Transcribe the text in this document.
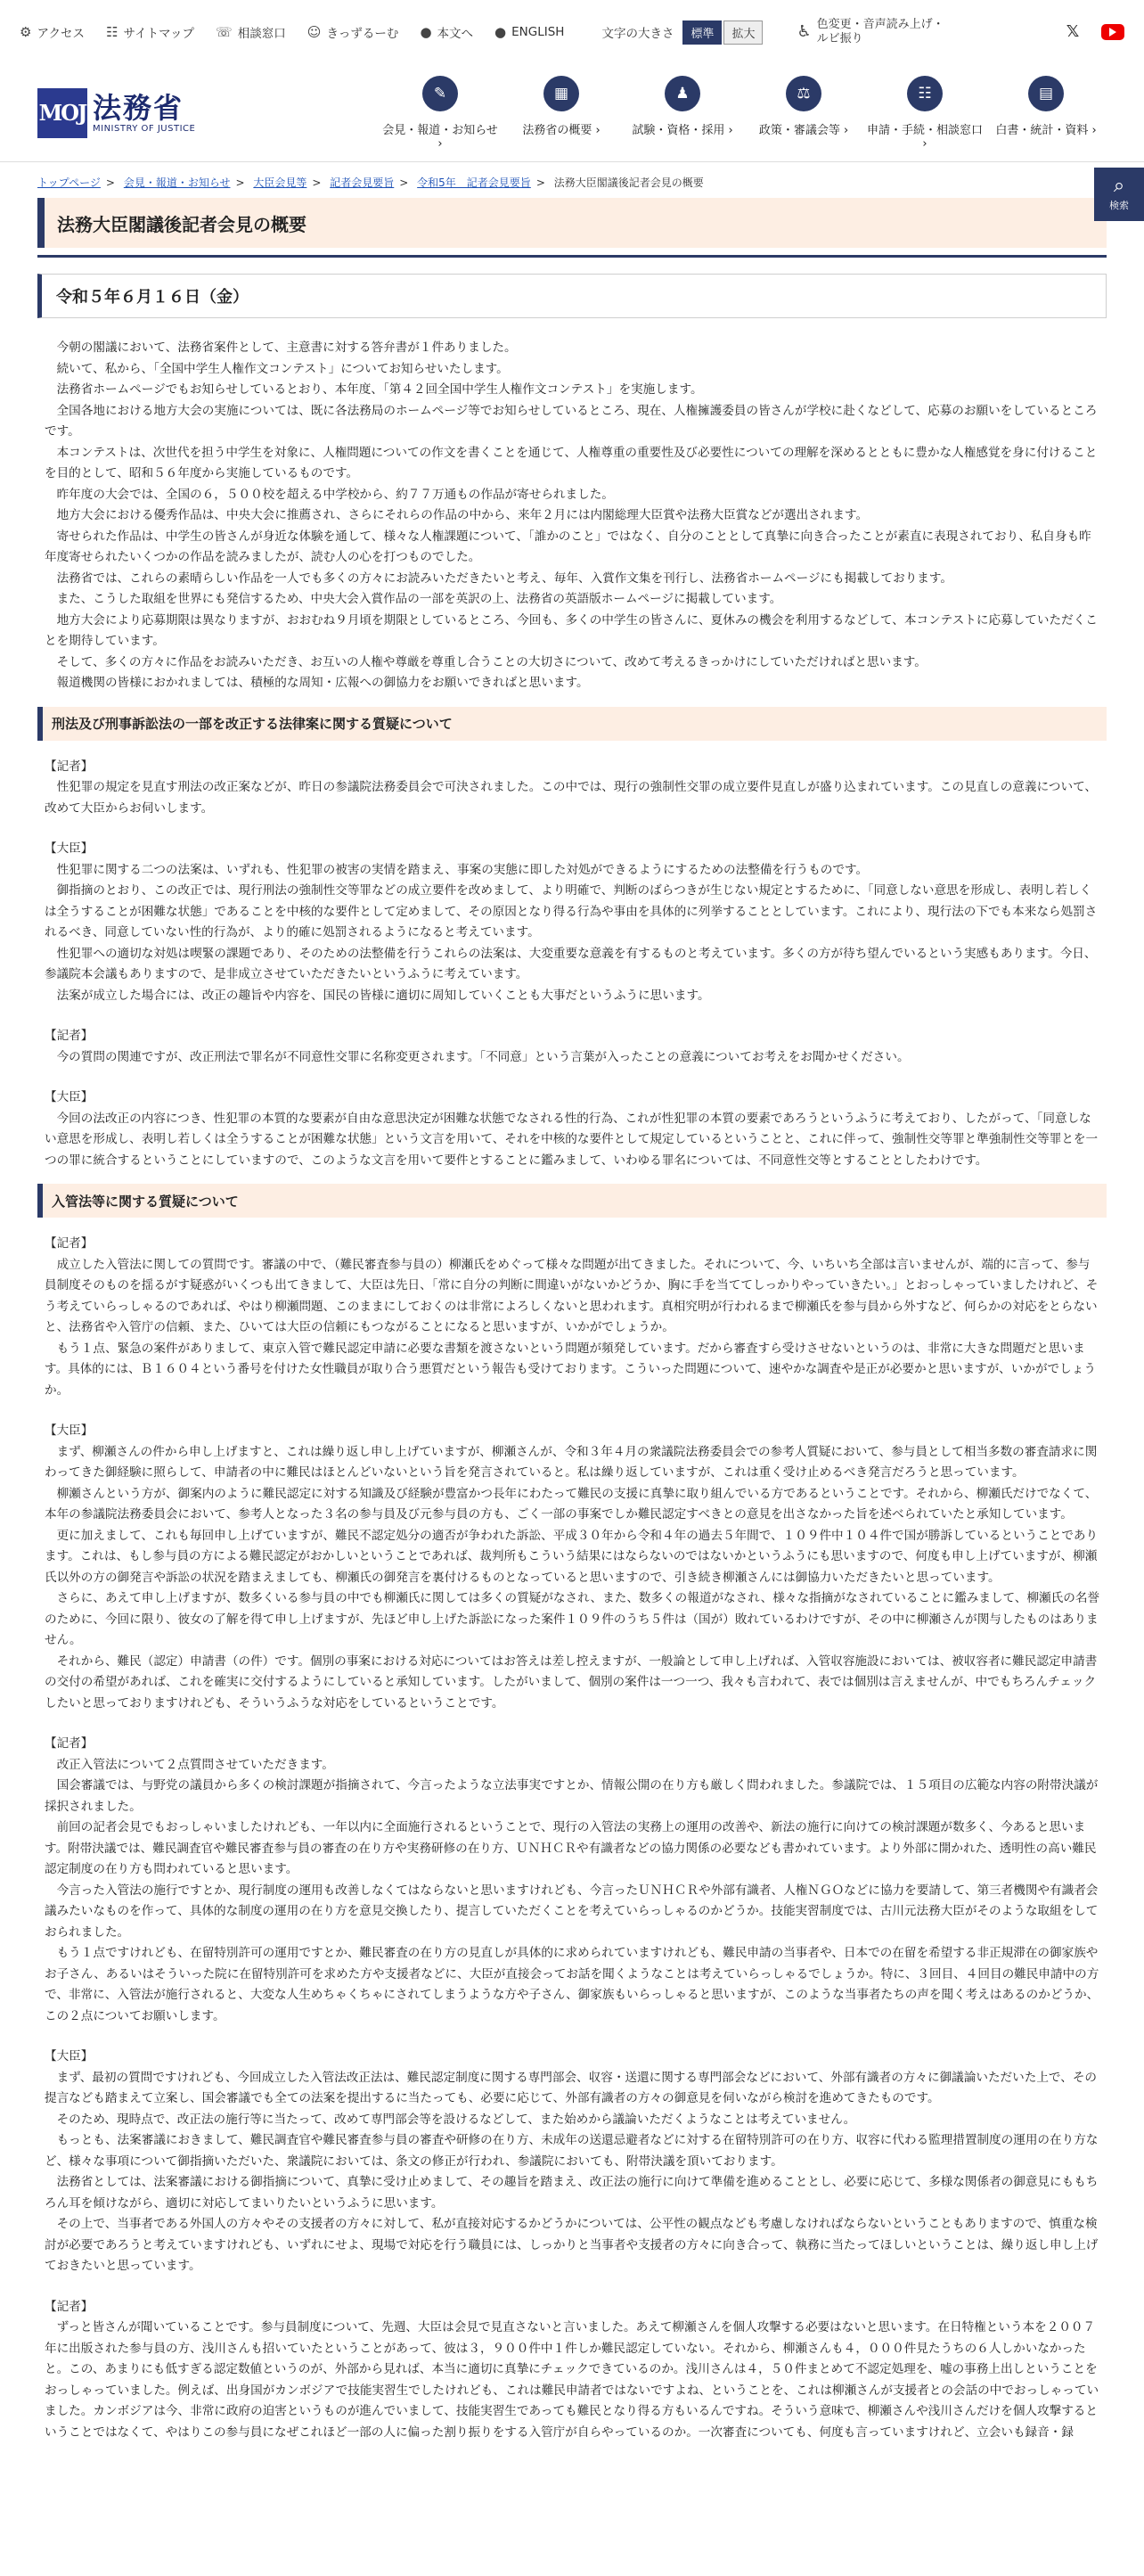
⚙ アクセス ☷ サイトマップ ☏ 相談窓口 ☺ きっずるーむ ● 本文へ ● ENGLISH	文字の大きさ	標準	拡大	♿ 色変更・音声読み上げ・
ルビ振り	𝕏
MOJ 法務省
MINISTRY OF JUSTICE
✎
会見・報道・お知らせ ›
▦
法務省の概要 ›
♟
試験・資格・採用 ›
⚖
政策・審議会等 ›
☷
申請・手続・相談窓口 ›
▤
白書・統計・資料 ›
⌕
検索
トップページ > 会見・報道・お知らせ > 大臣会見等 > 記者会見要旨 > 令和5年　記者会見要旨 > 法務大臣閣議後記者会見の概要
法務大臣閣議後記者会見の概要
令和５年６月１６日（金）

今朝の閣議において、法務省案件として、主意書に対する答弁書が１件ありました。

続いて、私から、「全国中学生人権作文コンテスト」についてお知らせいたします。

法務省ホームページでもお知らせしているとおり、本年度、「第４２回全国中学生人権作文コンテスト」を実施します。

全国各地における地方大会の実施については、既に各法務局のホームページ等でお知らせしているところ、現在、人権擁護委員の皆さんが学校に赴くなどして、応募のお願いをしているところです。

本コンテストは、次世代を担う中学生を対象に、人権問題についての作文を書くことを通じて、人権尊重の重要性及び必要性についての理解を深めるとともに豊かな人権感覚を身に付けることを目的として、昭和５６年度から実施しているものです。

昨年度の大会では、全国の６，５００校を超える中学校から、約７７万通もの作品が寄せられました。

地方大会における優秀作品は、中央大会に推薦され、さらにそれらの作品の中から、来年２月には内閣総理大臣賞や法務大臣賞などが選出されます。

寄せられた作品は、中学生の皆さんが身近な体験を通して、様々な人権課題について、「誰かのこと」ではなく、自分のこととして真摯に向き合ったことが素直に表現されており、私自身も昨年度寄せられたいくつかの作品を読みましたが、読む人の心を打つものでした。

法務省では、これらの素晴らしい作品を一人でも多くの方々にお読みいただきたいと考え、毎年、入賞作文集を刊行し、法務省ホームページにも掲載しております。

また、こうした取組を世界にも発信するため、中央大会入賞作品の一部を英訳の上、法務省の英語版ホームページに掲載しています。

地方大会により応募期限は異なりますが、おおむね９月頃を期限としているところ、今回も、多くの中学生の皆さんに、夏休みの機会を利用するなどして、本コンテストに応募していただくことを期待しています。

そして、多くの方々に作品をお読みいただき、お互いの人権や尊厳を尊重し合うことの大切さについて、改めて考えるきっかけにしていただければと思います。

報道機関の皆様におかれましては、積極的な周知・広報への御協力をお願いできればと思います。

刑法及び刑事訴訟法の一部を改正する法律案に関する質疑について
【記者】

性犯罪の規定を見直す刑法の改正案などが、昨日の参議院法務委員会で可決されました。この中では、現行の強制性交罪の成立要件見直しが盛り込まれています。この見直しの意義について、改めて大臣からお伺いします。

【大臣】

性犯罪に関する二つの法案は、いずれも、性犯罪の被害の実情を踏まえ、事案の実態に即した対処ができるようにするための法整備を行うものです。

御指摘のとおり、この改正では、現行刑法の強制性交等罪などの成立要件を改めまして、より明確で、判断のばらつきが生じない規定とするために、「同意しない意思を形成し、表明し若しくは全うすることが困難な状態」であることを中核的な要件として定めまして、その原因となり得る行為や事由を具体的に列挙することとしています。これにより、現行法の下でも本来なら処罰されるべき、同意していない性的行為が、より的確に処罰されるようになると考えています。

性犯罪への適切な対処は喫緊の課題であり、そのための法整備を行うこれらの法案は、大変重要な意義を有するものと考えています。多くの方が待ち望んでいるという実感もあります。今日、参議院本会議もありますので、是非成立させていただきたいというふうに考えています。

法案が成立した場合には、改正の趣旨や内容を、国民の皆様に適切に周知していくことも大事だというふうに思います。

【記者】

今の質問の関連ですが、改正刑法で罪名が不同意性交罪に名称変更されます。「不同意」という言葉が入ったことの意義についてお考えをお聞かせください。

【大臣】

今回の法改正の内容につき、性犯罪の本質的な要素が自由な意思決定が困難な状態でなされる性的行為、これが性犯罪の本質の要素であろうというふうに考えており、したがって、「同意しない意思を形成し、表明し若しくは全うすることが困難な状態」という文言を用いて、それを中核的な要件として規定しているということと、これに伴って、強制性交等罪と準強制性交等罪とを一つの罪に統合するということにしていますので、このような文言を用いて要件とすることに鑑みまして、いわゆる罪名については、不同意性交等とすることとしたわけです。

入管法等に関する質疑について
【記者】

成立した入管法に関しての質問です。審議の中で、（難民審査参与員の）柳瀬氏をめぐって様々な問題が出てきました。それについて、今、いちいち全部は言いませんが、端的に言って、参与員制度そのものを揺るがす疑惑がいくつも出てきまして、大臣は先日、「常に自分の判断に間違いがないかどうか、胸に手を当ててしっかりやっていきたい。」とおっしゃっていましたけれど、そう考えていらっしゃるのであれば、やはり柳瀬問題、このままにしておくのは非常によろしくないと思われます。真相究明が行われるまで柳瀬氏を参与員から外すなど、何らかの対応をとらないと、法務省や入管庁の信頼、また、ひいては大臣の信頼にもつながることになると思いますが、いかがでしょうか。

もう１点、緊急の案件がありまして、東京入管で難民認定申請に必要な書類を渡さないという問題が頻発しています。だから審査すら受けさせないというのは、非常に大きな問題だと思います。具体的には、Ｂ１６０４という番号を付けた女性職員が取り合う悪質だという報告も受けております。こういった問題について、速やかな調査や是正が必要かと思いますが、いかがでしょうか。

【大臣】

まず、柳瀬さんの件から申し上げますと、これは繰り返し申し上げていますが、柳瀬さんが、令和３年４月の衆議院法務委員会での参考人質疑において、参与員として相当多数の審査請求に関わってきた御経験に照らして、申請者の中に難民はほとんどいないという旨を発言されていると。私は繰り返していますが、これは重く受け止めるべき発言だろうと思っています。

柳瀬さんという方が、御案内のように難民認定に対する知識及び経験が豊富かつ長年にわたって難民の支援に真摯に取り組んでいる方であるということです。それから、柳瀬氏だけでなくて、本年の参議院法務委員会において、参考人となった３名の参与員及び元参与員の方も、ごく一部の事案でしか難民認定すべきとの意見を出さなかった旨を述べられていたと承知しています。

更に加えまして、これも毎回申し上げていますが、難民不認定処分の適否が争われた訴訟、平成３０年から令和４年の過去５年間で、１０９件中１０４件で国が勝訴しているということであります。これは、もし参与員の方による難民認定がおかしいということであれば、裁判所もこういう結果にはならないのではないかというふうにも思いますので、何度も申し上げていますが、柳瀬氏以外の方の御発言や訴訟の状況を踏まえましても、柳瀬氏の御発言を裏付けるものとなっていると思いますので、引き続き柳瀬さんには御協力いただきたいと思っています。

さらに、あえて申し上げますが、数多くいる参与員の中でも柳瀬氏に関しては多くの質疑がなされ、また、数多くの報道がなされ、様々な指摘がなされていることに鑑みまして、柳瀬氏の名誉のために、今回に限り、彼女の了解を得て申し上げますが、先ほど申し上げた訴訟になった案件１０９件のうち５件は（国が）敗れているわけですが、その中に柳瀬さんが関与したものはありません。

それから、難民（認定）申請書（の件）です。個別の事案における対応についてはお答えは差し控えますが、一般論として申し上げれば、入管収容施設においては、被収容者に難民認定申請書の交付の希望があれば、これを確実に交付するようにしていると承知しています。したがいまして、個別の案件は一つ一つ、我々も言われて、表では個別は言えませんが、中でもちろんチェックしたいと思っておりますけれども、そういうふうな対応をしているということです。

【記者】

改正入管法について２点質問させていただきます。

国会審議では、与野党の議員から多くの検討課題が指摘されて、今言ったような立法事実ですとか、情報公開の在り方も厳しく問われました。参議院では、１５項目の広範な内容の附帯決議が採択されました。

前回の記者会見でもおっしゃいましたけれども、一年以内に全面施行されるということで、現行の入管法の実務上の運用の改善や、新法の施行に向けての検討課題が数多く、今あると思います。附帯決議では、難民調査官や難民審査参与員の審査の在り方や実務研修の在り方、ＵＮＨＣＲや有識者などの協力関係の必要なども書かれています。より外部に開かれた、透明性の高い難民認定制度の在り方も問われていると思います。

今言った入管法の施行ですとか、現行制度の運用も改善しなくてはならないと思いますけれども、今言ったＵＮＨＣＲや外部有識者、人権ＮＧＯなどに協力を要請して、第三者機関や有識者会議みたいなものを作って、具体的な制度の運用の在り方を意見交換したり、提言していただくことを考えていらっしゃるのかどうか。技能実習制度では、古川元法務大臣がそのような取組をしておられました。

もう１点ですけれども、在留特別許可の運用ですとか、難民審査の在り方の見直しが具体的に求められていますけれども、難民申請の当事者や、日本での在留を希望する非正規滞在の御家族やお子さん、あるいはそういった院に在留特別許可を求めた方や支援者などに、大臣が直接会ってお話を聞くようなことは考えていらっしゃるでしょうか。特に、３回目、４回目の難民申請中の方で、非常に、入管法が施行されると、大変な人生めちゃくちゃにされてしまうような方や子さん、御家族もいらっしゃると思いますが、このような当事者たちの声を聞く考えはあるのかどうか、この２点についてお願いします。

【大臣】

まず、最初の質問ですけれども、今回成立した入管法改正法は、難民認定制度に関する専門部会、収容・送還に関する専門部会などにおいて、外部有識者の方々に御議論いただいた上で、その提言なども踏まえて立案し、国会審議でも全ての法案を提出するに当たっても、必要に応じて、外部有識者の方々の御意見を伺いながら検討を進めてきたものです。

そのため、現時点で、改正法の施行等に当たって、改めて専門部会等を設けるなどして、また始めから議論いただくようなことは考えていません。

もっとも、法案審議におきまして、難民調査官や難民審査参与員の審査や研修の在り方、未成年の送還忌避者などに対する在留特別許可の在り方、収容に代わる監理措置制度の運用の在り方など、様々な事項について御指摘いただいた、衆議院においては、条文の修正が行われ、参議院においても、附帯決議を頂いております。

法務省としては、法案審議における御指摘について、真摯に受け止めまして、その趣旨を踏まえ、改正法の施行に向けて準備を進めることとし、必要に応じて、多様な関係者の御意見にももちろん耳を傾けながら、適切に対応してまいりたいというふうに思います。

その上で、当事者である外国人の方々やその支援者の方々に対して、私が直接対応するかどうかについては、公平性の観点なども考慮しなければならないということもありますので、慎重な検討が必要であろうと考えていますけれども、いずれにせよ、現場で対応を行う職員には、しっかりと当事者や支援者の方々に向き合って、執務に当たってほしいということは、繰り返し申し上げておきたいと思っています。

【記者】

ずっと皆さんが聞いていることです。参与員制度について、先週、大臣は会見で見直さないと言いました。あえて柳瀬さんを個人攻撃する必要はないと思います。在日特権という本を２００７年に出版された参与員の方、浅川さんも招いていたということがあって、彼は３，９００件中１件しか難民認定していない。それから、柳瀬さんも４，０００件見たうちの６人しかいなかったと。この、あまりにも低すぎる認定数値というのが、外部から見れば、本当に適切に真摯にチェックできているのか。浅川さんは４，５０件まとめて不認定処理を、嘘の事務上出しということをおっしゃっていました。例えば、出身国がカンボジアで技能実習生でしたけれども、これは難民申請者ではないですよね、ということを、これは柳瀬さんが支援者との会話の中でおっしゃっていました。カンボジアは今、非常に政府の迫害というものが進んでいまして、技能実習生であっても難民となり得る方もいるんですね。そういう意味で、柳瀬さんや浅川さんだけを個人攻撃するということではなくて、やはりこの参与員になぜこれほど一部の人に偏った割り振りをする入管庁が自らやっているのか。一次審査についても、何度も言っていますけれど、立会いも録音・録
